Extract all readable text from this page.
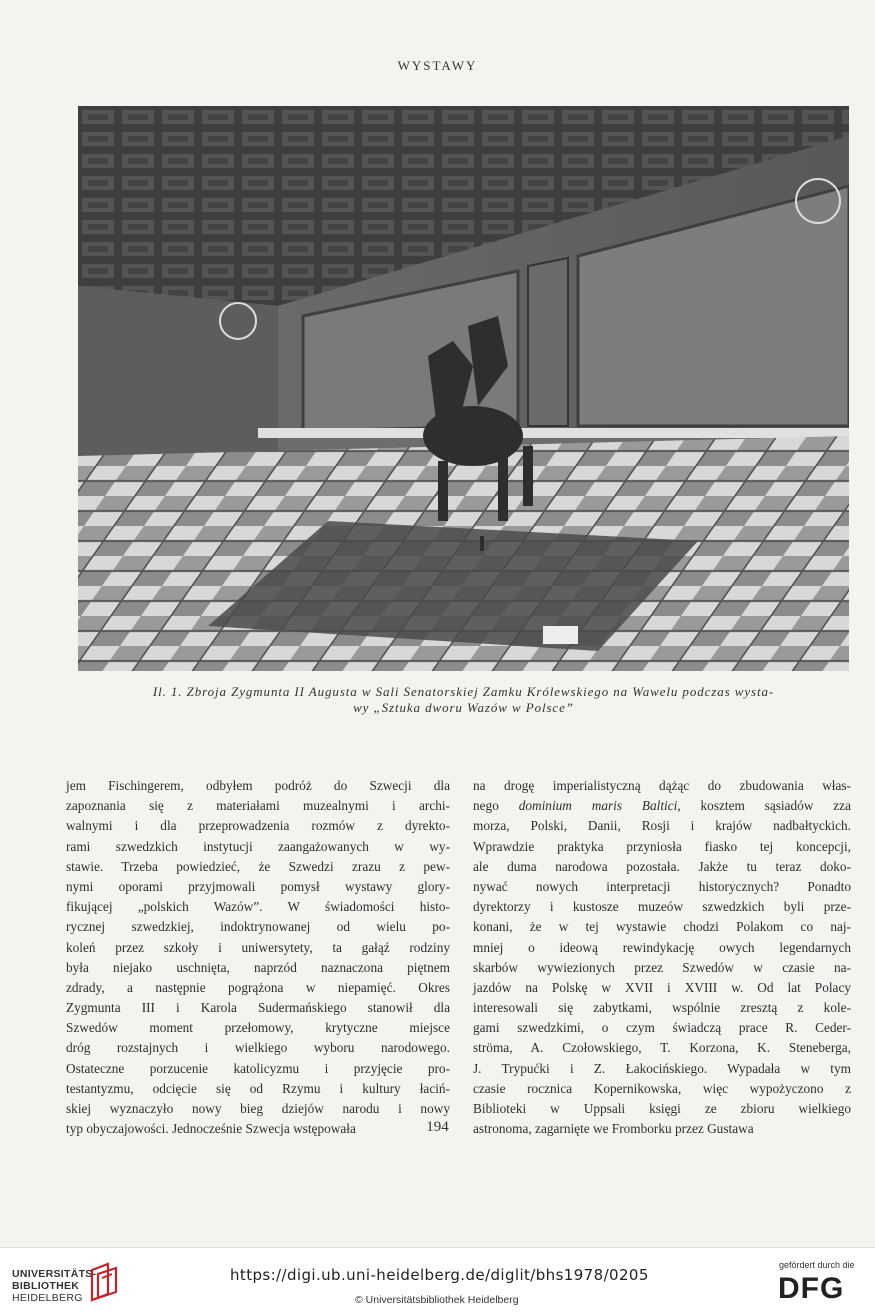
WYSTAWY
Il. 1. Zbroja Zygmunta II Augusta w Sali Senatorskiej Zamku Królewskiego na Wawelu podczas wysta-
wy „Sztuka dworu Wazów w Polsce”
jem Fischingerem, odbyłem podróż do Szwecji dla
zapoznania się z materiałami muzealnymi i archi-
walnymi i dla przeprowadzenia rozmów z dyrekto-
rami szwedzkich instytucji zaangażowanych w wy-
stawie. Trzeba powiedzieć, że Szwedzi zrazu z pew-
nymi oporami przyjmowali pomysł wystawy glory-
fikującej „polskich Wazów”. W świadomości histo-
rycznej szwedzkiej, indoktrynowanej od wielu po-
koleń przez szkoły i uniwersytety, ta gałąź rodziny
była niejako uschnięta, naprzód naznaczona piętnem
zdrady, a następnie pogrążona w niepamięć. Okres
Zygmunta III i Karola Sudermańskiego stanowił dla
Szwedów moment przełomowy, krytyczne miejsce
dróg rozstajnych i wielkiego wyboru narodowego.
Ostateczne porzucenie katolicyzmu i przyjęcie pro-
testantyzmu, odcięcie się od Rzymu i kultury łaciń-
skiej wyznaczyło nowy bieg dziejów narodu i nowy
typ obyczajowości. Jednocześnie Szwecja wstępowała
na drogę imperialistyczną dążąc do zbudowania włas-
nego dominium maris Baltici, kosztem sąsiadów zza
morza, Polski, Danii, Rosji i krajów nadbałtyckich.
Wprawdzie praktyka przyniosła fiasko tej koncepcji,
ale duma narodowa pozostała. Jakże tu teraz doko-
nywać nowych interpretacji historycznych? Ponadto
dyrektorzy i kustosze muzeów szwedzkich byli prze-
konani, że w tej wystawie chodzi Polakom co naj-
mniej o ideową rewindykację owych legendarnych
skarbów wywiezionych przez Szwedów w czasie na-
jazdów na Polskę w XVII i XVIII w. Od lat Polacy
interesowali się zabytkami, wspólnie zresztą z kole-
gami szwedzkimi, o czym świadczą prace R. Ceder-
ströma, A. Czołowskiego, T. Korzona, K. Steneberga,
J. Trypućki i Z. Łakocińskiego. Wypadała w tym
czasie rocznica Kopernikowska, więc wypożyczono z
Biblioteki w Uppsali księgi ze zbioru wielkiego
astronoma, zagarnięte we Fromborku przez Gustawa
194
UNIVERSITÄTS-
BIBLIOTHEK
HEIDELBERG
https://digi.ub.uni-heidelberg.de/diglit/bhs1978/0205
© Universitätsbibliothek Heidelberg
gefördert durch die
DFG
